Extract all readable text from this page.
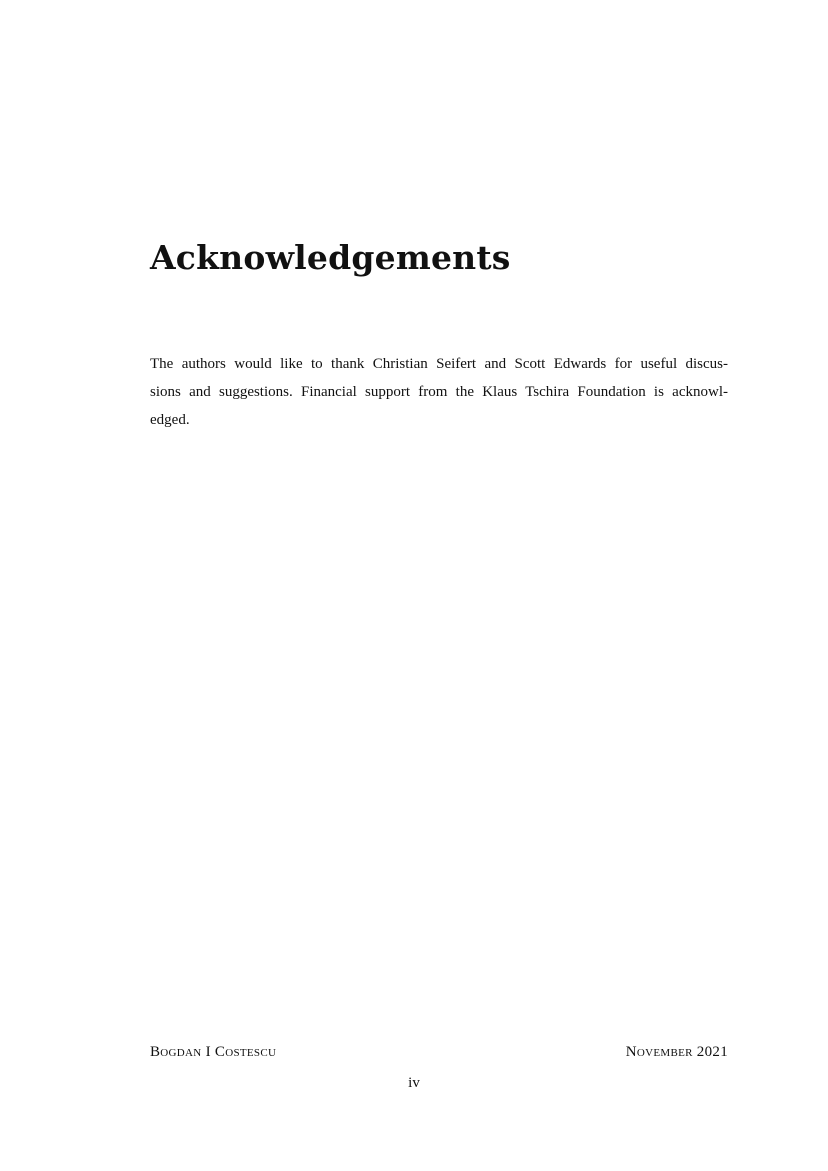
Acknowledgements
The authors would like to thank Christian Seifert and Scott Edwards for useful discus-
sions and suggestions. Financial support from the Klaus Tschira Foundation is acknowl-
edged.
Bogdan I Costescu	November 2021
iv
